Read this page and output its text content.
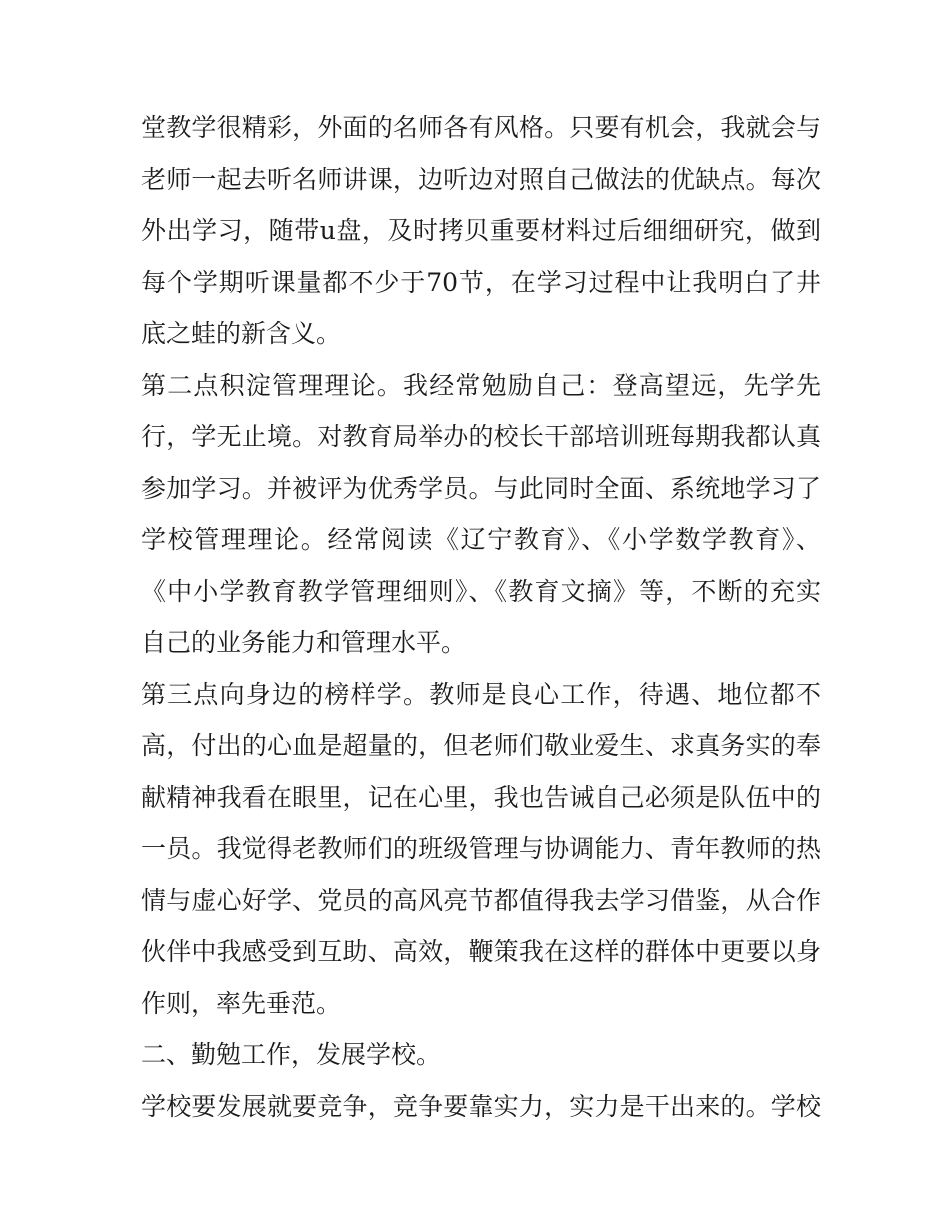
堂教学很精彩，外面的名师各有风格。只要有机会，我就会与

老师一起去听名师讲课，边听边对照自己做法的优缺点。每次

外出学习，随带u盘，及时拷贝重要材料过后细细研究，做到

每个学期听课量都不少于70节，在学习过程中让我明白了井

底之蛙的新含义。

第二点积淀管理理论。我经常勉励自己：登高望远，先学先

行，学无止境。对教育局举办的校长干部培训班每期我都认真

参加学习。并被评为优秀学员。与此同时全面、系统地学习了

学校管理理论。经常阅读《辽宁教育》、《小学数学教育》、

《中小学教育教学管理细则》、《教育文摘》等，不断的充实

自己的业务能力和管理水平。

第三点向身边的榜样学。教师是良心工作，待遇、地位都不

高，付出的心血是超量的，但老师们敬业爱生、求真务实的奉

献精神我看在眼里，记在心里，我也告诫自己必须是队伍中的

一员。我觉得老教师们的班级管理与协调能力、青年教师的热

情与虚心好学、党员的高风亮节都值得我去学习借鉴，从合作

伙伴中我感受到互助、高效，鞭策我在这样的群体中更要以身

作则，率先垂范。

二、勤勉工作，发展学校。

学校要发展就要竞争，竞争要靠实力，实力是干出来的。学校
